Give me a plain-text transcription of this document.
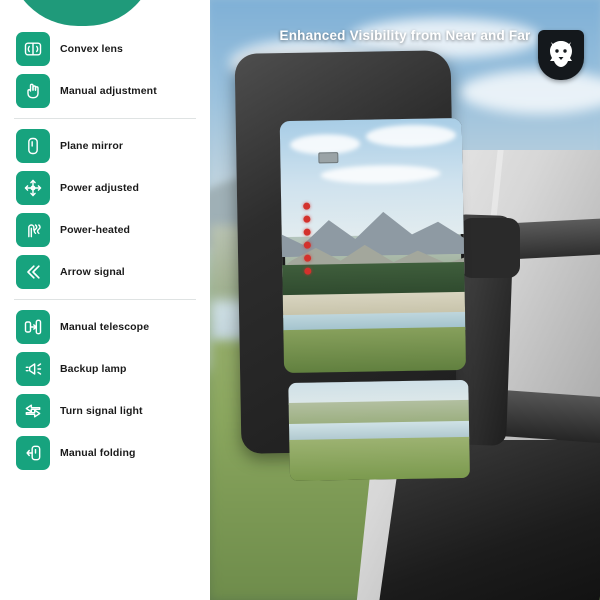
Enhanced Visibility from Near and Far
Convex lens
Manual adjustment
Plane mirror
Power adjusted
Power-heated
Arrow signal
Manual telescope
Backup lamp
Turn signal light
Manual folding
